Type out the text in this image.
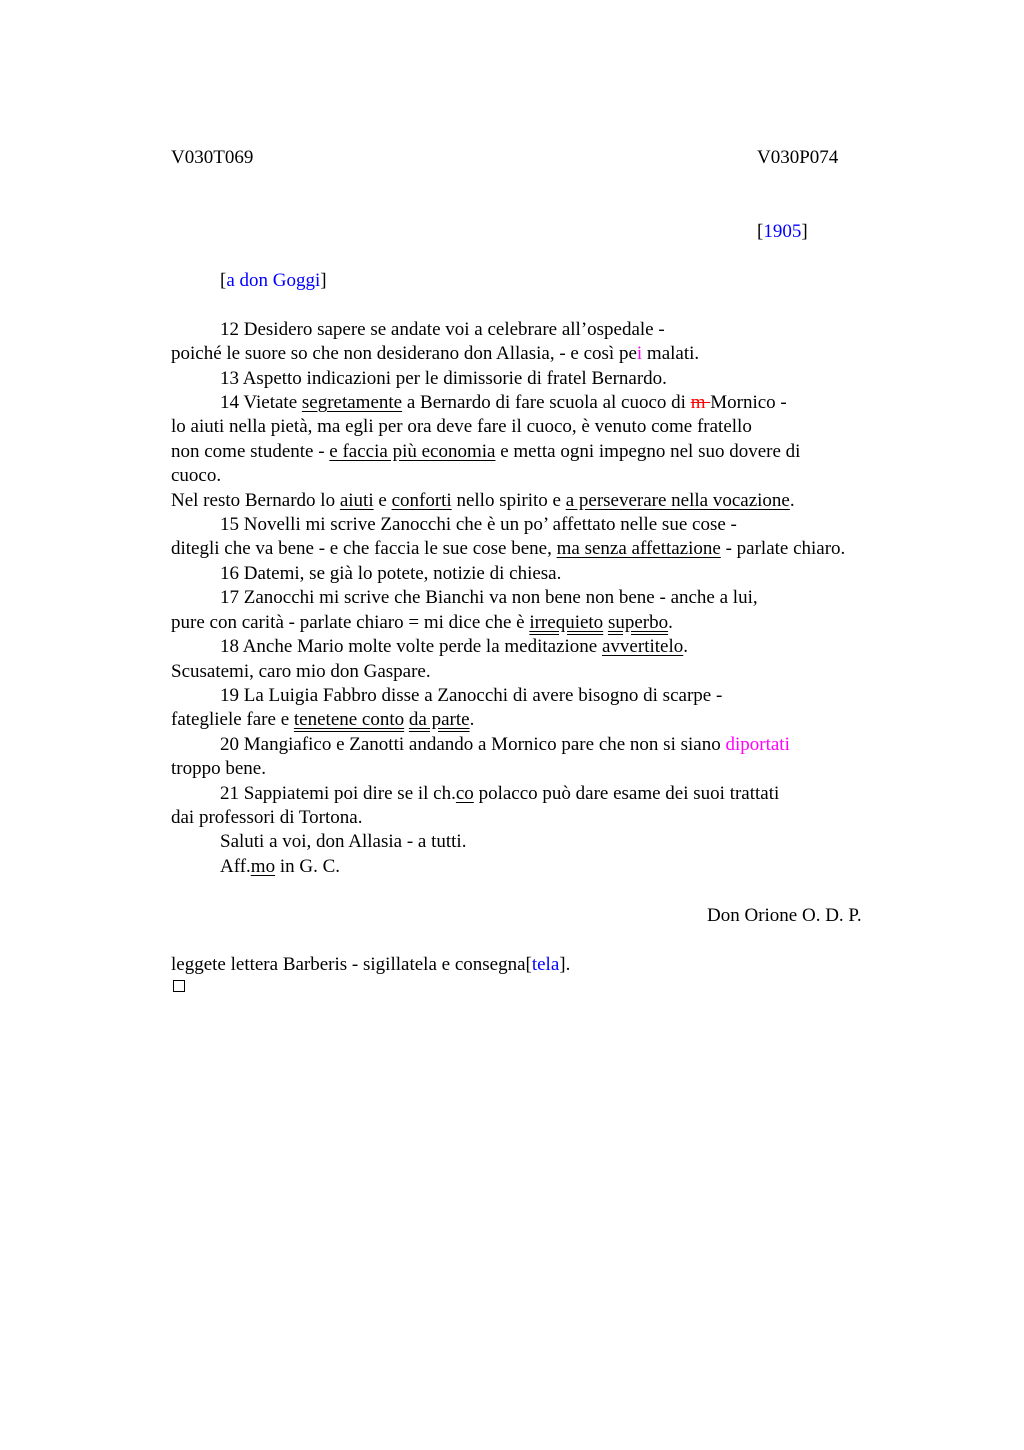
V030T069	V030P074
[1905]
[a don Goggi]
12 Desidero sapere se andate voi a celebrare all’ospedale -
poiché le suore so che non desiderano don Allasia, - e così pei malati.
13 Aspetto indicazioni per le dimissorie di fratel Bernardo.
14 Vietate segretamente a Bernardo di fare scuola al cuoco di m Mornico -
lo aiuti nella pietà, ma egli per ora deve fare il cuoco, è venuto come fratello
non come studente - e faccia più economia e metta ogni impegno nel suo dovere di
cuoco.
Nel resto Bernardo lo aiuti e conforti nello spirito e a perseverare nella vocazione.
15 Novelli mi scrive Zanocchi che è un po’ affettato nelle sue cose -
ditegli che va bene - e che faccia le sue cose bene, ma senza affettazione - parlate chiaro.
16 Datemi, se già lo potete, notizie di chiesa.
17 Zanocchi mi scrive che Bianchi va non bene non bene - anche a lui,
pure con carità - parlate chiaro = mi dice che è irrequieto superbo.
18 Anche Mario molte volte perde la meditazione avvertitelo.
Scusatemi, caro mio don Gaspare.
19 La Luigia Fabbro disse a Zanocchi di avere bisogno di scarpe -
fategliele fare e tenetene conto da parte.
20 Mangiafico e Zanotti andando a Mornico pare che non si siano diportati
troppo bene.
21 Sappiatemi poi dire se il ch.co polacco può dare esame dei suoi trattati
dai professori di Tortona.
Saluti a voi, don Allasia - a tutti.
Aff.mo in G. C.
Don Orione O. D. P.
leggete lettera Barberis - sigillatela e consegna[tela].
